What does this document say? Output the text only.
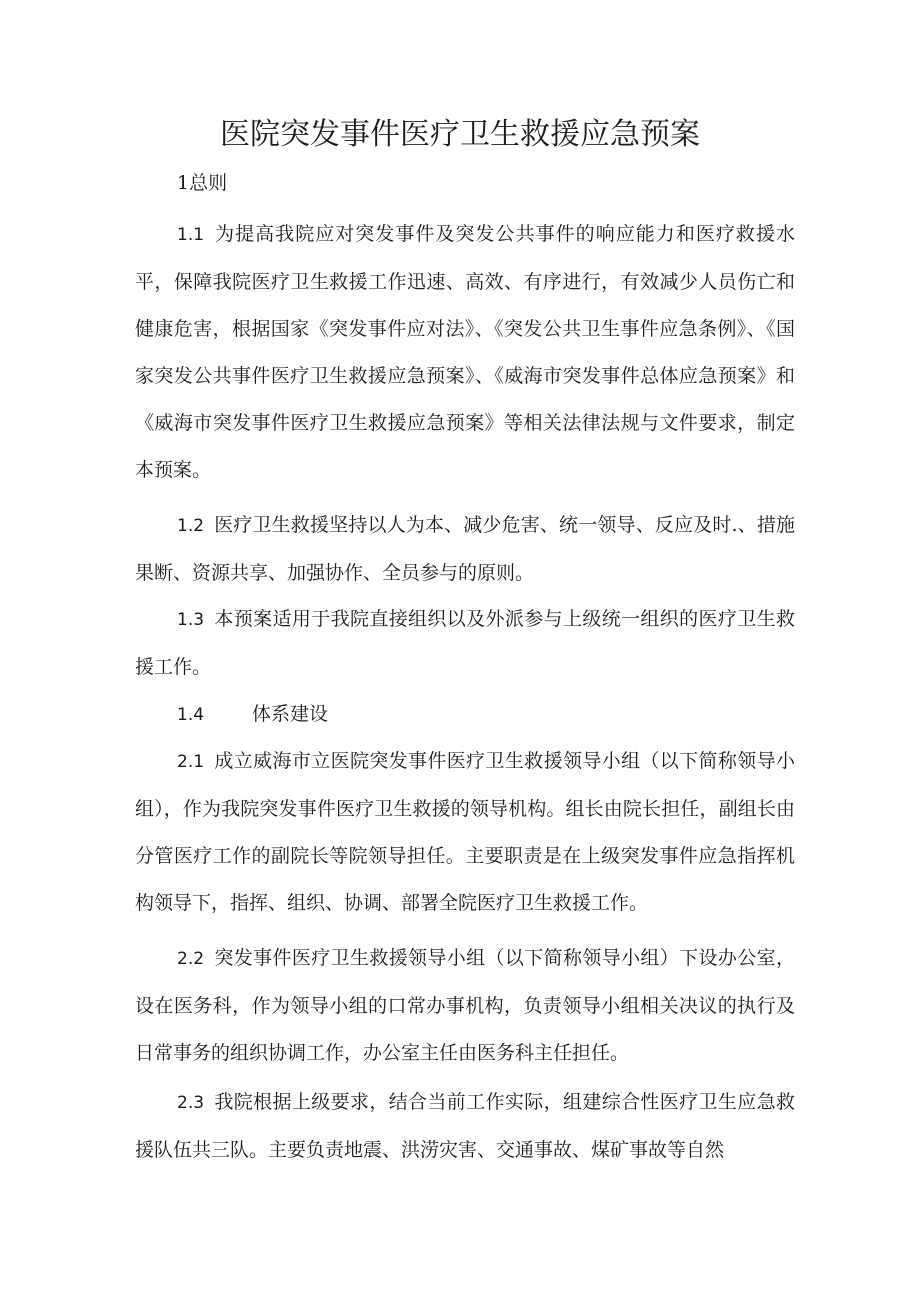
医院突发事件医疗卫生救援应急预案
1总则
1.1 为提高我院应对突发事件及突发公共事件的响应能力和医疗救援水平，保障我院医疗卫生救援工作迅速、高效、有序进行，有效减少人员伤亡和健康危害，根据国家《突发事件应对法》、《突发公共卫生事件应急条例》、《国家突发公共事件医疗卫生救援应急预案》、《威海市突发事件总体应急预案》和《威海市突发事件医疗卫生救援应急预案》等相关法律法规与文件要求，制定本预案。
1.2 医疗卫生救援坚持以人为本、减少危害、统一领导、反应及时.、措施果断、资源共享、加强协作、全员参与的原则。
1.3 本预案适用于我院直接组织以及外派参与上级统一组织的医疗卫生救援工作。
1.4	体系建设
2.1 成立威海市立医院突发事件医疗卫生救援领导小组（以下简称领导小组），作为我院突发事件医疗卫生救援的领导机构。组长由院长担任，副组长由分管医疗工作的副院长等院领导担任。主要职责是在上级突发事件应急指挥机构领导下，指挥、组织、协调、部署全院医疗卫生救援工作。
2.2 突发事件医疗卫生救援领导小组（以下简称领导小组）下设办公室，设在医务科，作为领导小组的口常办事机构，负责领导小组相关决议的执行及日常事务的组织协调工作，办公室主任由医务科主任担任。
2.3 我院根据上级要求，结合当前工作实际，组建综合性医疗卫生应急救援队伍共三队。主要负责地震、洪涝灾害、交通事故、煤矿事故等自然
